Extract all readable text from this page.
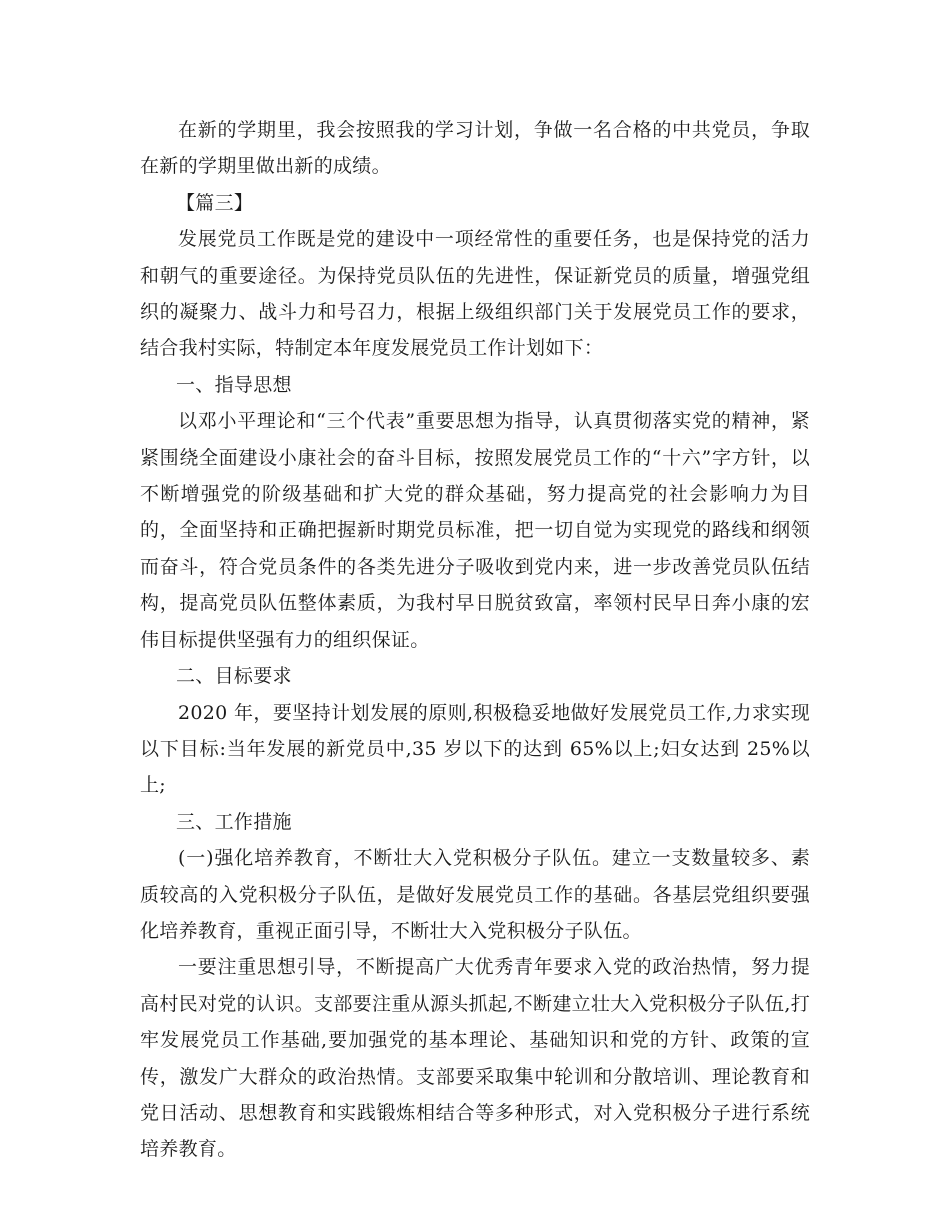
在新的学期里，我会按照我的学习计划，争做一名合格的中共党员，争取在新的学期里做出新的成绩。

【篇三】

发展党员工作既是党的建设中一项经常性的重要任务，也是保持党的活力和朝气的重要途径。为保持党员队伍的先进性，保证新党员的质量，增强党组织的凝聚力、战斗力和号召力，根据上级组织部门关于发展党员工作的要求，结合我村实际，特制定本年度发展党员工作计划如下：

一、指导思想

以邓小平理论和“三个代表”重要思想为指导，认真贯彻落实党的精神，紧紧围绕全面建设小康社会的奋斗目标，按照发展党员工作的“十六”字方针，以不断增强党的阶级基础和扩大党的群众基础，努力提高党的社会影响力为目的，全面坚持和正确把握新时期党员标准，把一切自觉为实现党的路线和纲领而奋斗，符合党员条件的各类先进分子吸收到党内来，进一步改善党员队伍结构，提高党员队伍整体素质，为我村早日脱贫致富，率领村民早日奔小康的宏伟目标提供坚强有力的组织保证。

二、目标要求

2020 年，要坚持计划发展的原则,积极稳妥地做好发展党员工作,力求实现以下目标:当年发展的新党员中,35 岁以下的达到 65%以上;妇女达到 25%以上;

三、工作措施

(一)强化培养教育，不断壮大入党积极分子队伍。建立一支数量较多、素质较高的入党积极分子队伍，是做好发展党员工作的基础。各基层党组织要强化培养教育，重视正面引导，不断壮大入党积极分子队伍。

一要注重思想引导，不断提高广大优秀青年要求入党的政治热情，努力提高村民对党的认识。支部要注重从源头抓起,不断建立壮大入党积极分子队伍,打牢发展党员工作基础,要加强党的基本理论、基础知识和党的方针、政策的宣传，激发广大群众的政治热情。支部要采取集中轮训和分散培训、理论教育和党日活动、思想教育和实践锻炼相结合等多种形式，对入党积极分子进行系统培养教育。
